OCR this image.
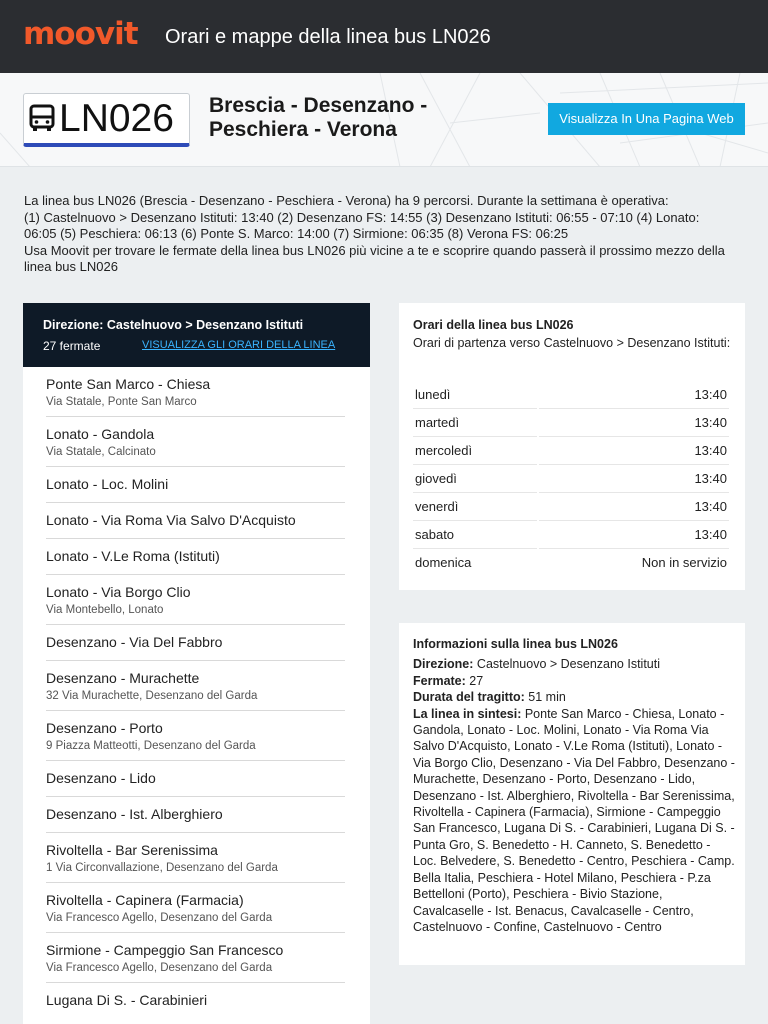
moovit Orari e mappe della linea bus LN026
LN026 Brescia - Desenzano - Peschiera - Verona	Visualizza In Una Pagina Web
La linea bus LN026 (Brescia - Desenzano - Peschiera - Verona) ha 9 percorsi. Durante la settimana è operativa:
(1) Castelnuovo > Desenzano Istituti: 13:40 (2) Desenzano FS: 14:55 (3) Desenzano Istituti: 06:55 - 07:10 (4) Lonato:
06:05 (5) Peschiera: 06:13 (6) Ponte S. Marco: 14:00 (7) Sirmione: 06:35 (8) Verona FS: 06:25
Usa Moovit per trovare le fermate della linea bus LN026 più vicine a te e scoprire quando passerà il prossimo mezzo della
linea bus LN026
Direzione: Castelnuovo > Desenzano Istituti
27 fermate	VISUALIZZA GLI ORARI DELLA LINEA
Ponte San Marco - Chiesa
Via Statale, Ponte San Marco
Lonato - Gandola
Via Statale, Calcinato
Lonato - Loc. Molini
Lonato - Via Roma Via Salvo D'Acquisto
Lonato - V.Le Roma (Istituti)
Lonato - Via Borgo Clio
Via Montebello, Lonato
Desenzano - Via Del Fabbro
Desenzano - Murachette
32 Via Murachette, Desenzano del Garda
Desenzano - Porto
9 Piazza Matteotti, Desenzano del Garda
Desenzano - Lido
Desenzano - Ist. Alberghiero
Rivoltella - Bar Serenissima
1 Via Circonvallazione, Desenzano del Garda
Rivoltella - Capinera (Farmacia)
Via Francesco Agello, Desenzano del Garda
Sirmione - Campeggio San Francesco
Via Francesco Agello, Desenzano del Garda
Lugana Di S. - Carabinieri
Orari della linea bus LN026
Orari di partenza verso Castelnuovo > Desenzano Istituti:
lunedì	13:40
martedì	13:40
mercoledì	13:40
giovedì	13:40
venerdì	13:40
sabato	13:40
domenica	Non in servizio
Informazioni sulla linea bus LN026
Direzione: Castelnuovo > Desenzano Istituti
Fermate: 27
Durata del tragitto: 51 min
La linea in sintesi: Ponte San Marco - Chiesa, Lonato - Gandola, Lonato - Loc. Molini, Lonato - Via Roma Via Salvo D'Acquisto, Lonato - V.Le Roma (Istituti), Lonato - Via Borgo Clio, Desenzano - Via Del Fabbro, Desenzano - Murachette, Desenzano - Porto, Desenzano - Lido, Desenzano - Ist. Alberghiero, Rivoltella - Bar Serenissima, Rivoltella - Capinera (Farmacia), Sirmione - Campeggio San Francesco, Lugana Di S. - Carabinieri, Lugana Di S. - Punta Gro, S. Benedetto - H. Canneto, S. Benedetto - Loc. Belvedere, S. Benedetto - Centro, Peschiera - Camp. Bella Italia, Peschiera - Hotel Milano, Peschiera - P.za Bettelloni (Porto), Peschiera - Bivio Stazione, Cavalcaselle - Ist. Benacus, Cavalcaselle - Centro, Castelnuovo - Confine, Castelnuovo - Centro
